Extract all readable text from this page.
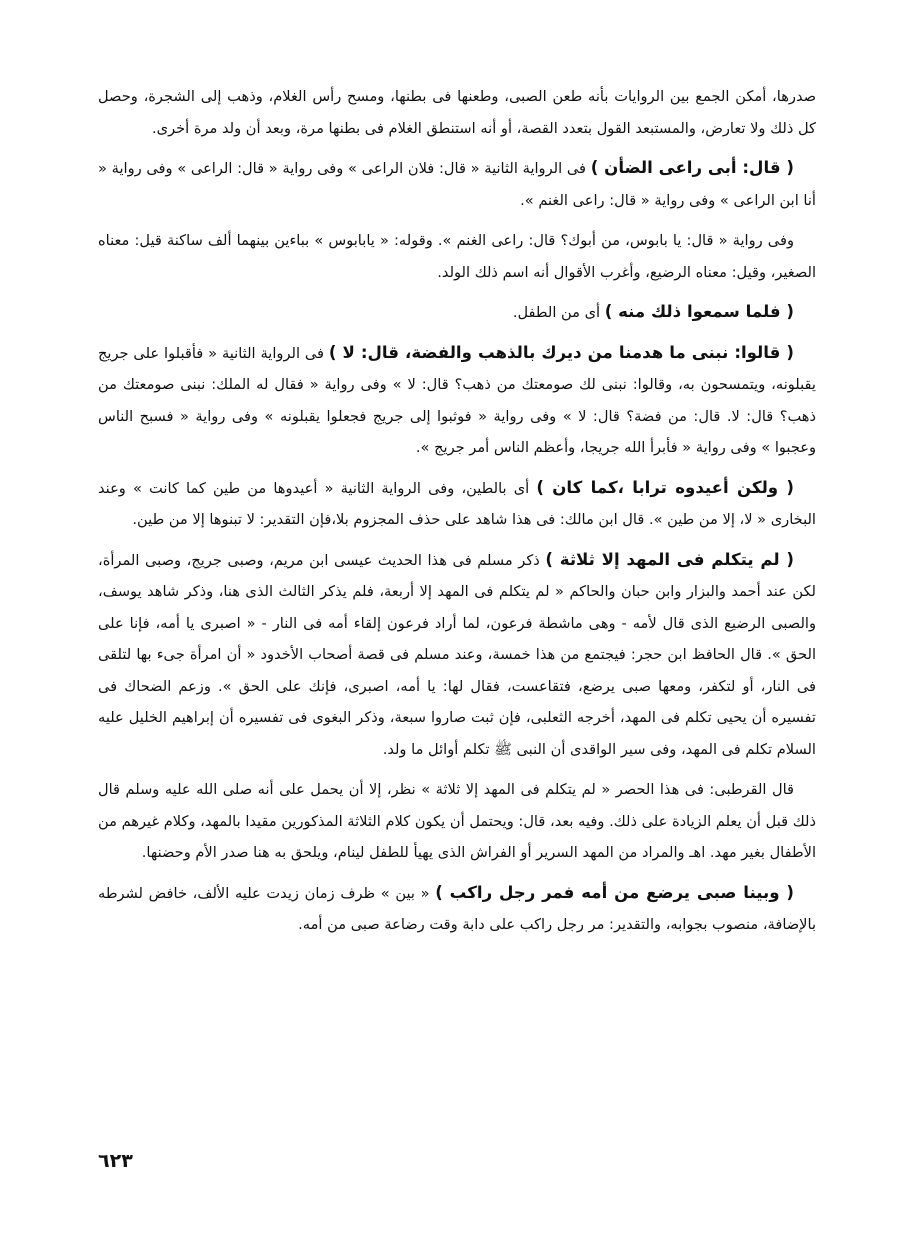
صدرها، أمكن الجمع بين الروايات بأنه طعن الصبى، وطعنها فى بطنها، ومسح رأس الغلام، وذهب إلى الشجرة، وحصل كل ذلك ولا تعارض، والمستبعد القول بتعدد القصة، أو أنه استنطق الغلام فى بطنها مرة، وبعد أن ولد مرة أخرى.

( قال: أبى راعى الضأن ) فى الرواية الثانية « قال: فلان الراعى » وفى رواية « قال: الراعى » وفى رواية « أنا ابن الراعى » وفى رواية « قال: راعى الغنم ».

وفى رواية « قال: يا بابوس، من أبوك؟ قال: راعى الغنم ». وقوله: « يابابوس » بباءين بينهما ألف ساكنة قيل: معناه الصغير، وقيل: معناه الرضيع، وأغرب الأقوال أنه اسم ذلك الولد.

( فلما سمعوا ذلك منه ) أى من الطفل.

( قالوا: نبنى ما هدمنا من ديرك بالذهب والفضة، قال: لا ) فى الرواية الثانية « فأقبلوا على جريج يقبلونه، ويتمسحون به، وقالوا: نبنى لك صومعتك من ذهب؟ قال: لا » وفى رواية « فقال له الملك: نبنى صومعتك من ذهب؟ قال: لا. قال: من فضة؟ قال: لا » وفى رواية « فوثبوا إلى جريج فجعلوا يقبلونه » وفى رواية « فسبح الناس وعجبوا » وفى رواية « فأبرأ الله جريجا، وأعظم الناس أمر جريج ».

( ولكن أعيدوه ترابا ،كما كان ) أى بالطين، وفى الرواية الثانية « أعيدوها من طين كما كانت » وعند البخارى « لا، إلا من طين ». قال ابن مالك: فى هذا شاهد على حذف المجزوم بلا،فإن التقدير: لا تبنوها إلا من طين.

( لم يتكلم فى المهد إلا ثلاثة ) ذكر مسلم فى هذا الحديث عيسى ابن مريم، وصبى جريج، وصبى المرأة، لكن عند أحمد والبزار وابن حبان والحاكم « لم يتكلم فى المهد إلا أربعة، فلم يذكر الثالث الذى هنا، وذكر شاهد يوسف، والصبى الرضيع الذى قال لأمه - وهى ماشطة فرعون، لما أراد فرعون إلقاء أمه فى النار - « اصبرى يا أمه، فإنا على الحق ». قال الحافظ ابن حجر: فيجتمع من هذا خمسة، وعند مسلم فى قصة أصحاب الأخدود « أن امرأة جىء بها لتلقى فى النار، أو لتكفر، ومعها صبى يرضع، فتقاعست، فقال لها: يا أمه، اصبرى، فإنك على الحق ». وزعم الضحاك فى تفسيره أن يحيى تكلم فى المهد، أخرجه الثعلبى، فإن ثبت صاروا سبعة، وذكر البغوى فى تفسيره أن إبراهيم الخليل عليه السلام تكلم فى المهد، وفى سير الواقدى أن النبى ﷺ تكلم أوائل ما ولد.

قال القرطبى: فى هذا الحصر « لم يتكلم فى المهد إلا ثلاثة » نظر، إلا أن يحمل على أنه صلى الله عليه وسلم قال ذلك قبل أن يعلم الزيادة على ذلك. وفيه بعد، قال: ويحتمل أن يكون كلام الثلاثة المذكورين مقيدا بالمهد، وكلام غيرهم من الأطفال بغير مهد. اهـ والمراد من المهد السرير أو الفراش الذى يهيأ للطفل لينام، ويلحق به هنا صدر الأم وحضنها.

( وبينا صبى يرضع من أمه فمر رجل راكب ) « بين » ظرف زمان زيدت عليه الألف، خافض لشرطه بالإضافة، منصوب بجوابه، والتقدير: مر رجل راكب على دابة وقت رضاعة صبى من أمه.

٦٢٣
